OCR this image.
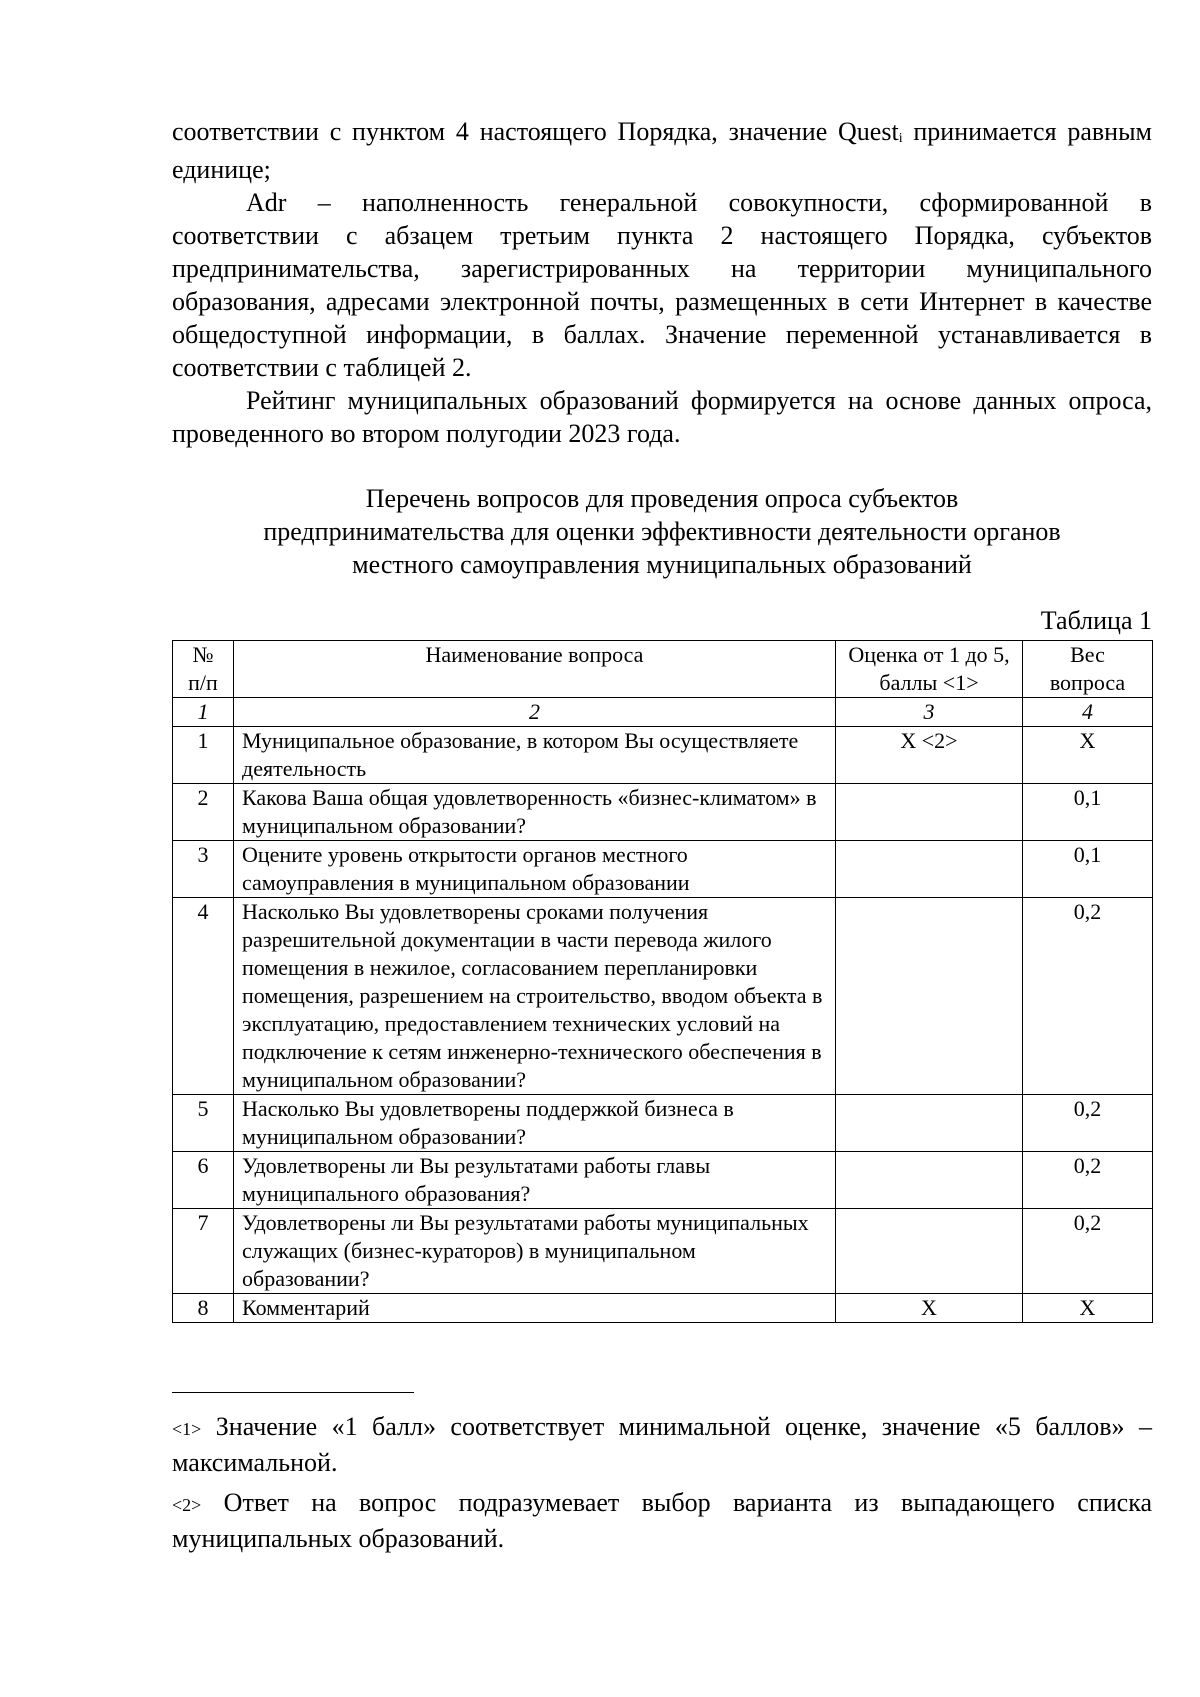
соответствии с пунктом 4 настоящего Порядка, значение Quest$_i$ принимается равным единице;

Adr – наполненность генеральной совокупности, сформированной в соответствии с абзацем третьим пункта 2 настоящего Порядка, субъектов предпринимательства, зарегистрированных на территории муниципального образования, адресами электронной почты, размещенных в сети Интернет в качестве общедоступной информации, в баллах. Значение переменной устанавливается в соответствии с таблицей 2.

Рейтинг муниципальных образований формируется на основе данных опроса, проведенного во втором полугодии 2023 года.

Перечень вопросов для проведения опроса субъектов
предпринимательства для оценки эффективности деятельности органов
местного самоуправления муниципальных образований
Таблица 1
№ п/п	Наименование вопроса	Оценка от 1 до 5, баллы <1>	Вес вопроса
1	2	3	4
1	Муниципальное образование, в котором Вы осуществляете деятельность	Х <2>	Х
2	Какова Ваша общая удовлетворенность «бизнес-климатом» в муниципальном образовании?		0,1
3	Оцените уровень открытости органов местного самоуправления в муниципальном образовании		0,1
4	Насколько Вы удовлетворены сроками получения разрешительной документации в части перевода жилого помещения в нежилое, согласованием перепланировки помещения, разрешением на строительство, вводом объекта в эксплуатацию, предоставлением технических условий на подключение к сетям инженерно-технического обеспечения в муниципальном образовании?		0,2
5	Насколько Вы удовлетворены поддержкой бизнеса в муниципальном образовании?		0,2
6	Удовлетворены ли Вы результатами работы главы муниципального образования?		0,2
7	Удовлетворены ли Вы результатами работы муниципальных служащих (бизнес-кураторов) в муниципальном образовании?		0,2
8	Комментарий	Х	Х

<1> Значение «1 балл» соответствует минимальной оценке, значение «5 баллов» – максимальной.

<2> Ответ на вопрос подразумевает выбор варианта из выпадающего списка муниципальных образований.
